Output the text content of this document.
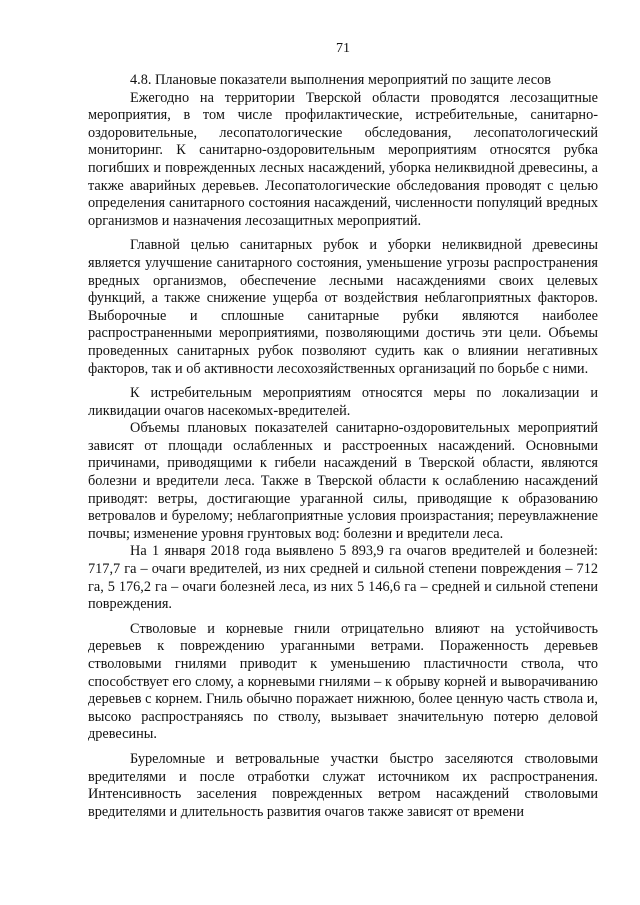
71
4.8. Плановые показатели выполнения мероприятий по защите лесов

Ежегодно на территории Тверской области проводятся лесозащитные мероприятия, в том числе профилактические, истребительные, санитарно-оздоровительные, лесопатологические обследования, лесопатологический мониторинг. К санитарно-оздоровительным мероприятиям относятся рубка погибших и поврежденных лесных насаждений, уборка неликвидной древесины, а также аварийных деревьев. Лесопатологические обследования проводят с целью определения санитарного состояния насаждений, численности популяций вредных организмов и назначения лесозащитных мероприятий.

Главной целью санитарных рубок и уборки неликвидной древесины является улучшение санитарного состояния, уменьшение угрозы распространения вредных организмов, обеспечение лесными насаждениями своих целевых функций, а также снижение ущерба от воздействия неблагоприятных факторов. Выборочные и сплошные санитарные рубки являются наиболее распространенными мероприятиями, позволяющими достичь эти цели. Объемы проведенных санитарных рубок позволяют судить как о влиянии негативных факторов, так и об активности лесохозяйственных организаций по борьбе с ними.

К истребительным мероприятиям относятся меры по локализации и ликвидации очагов насекомых-вредителей.

Объемы плановых показателей санитарно-оздоровительных мероприятий зависят от площади ослабленных и расстроенных насаждений. Основными причинами, приводящими к гибели насаждений в Тверской области, являются болезни и вредители леса. Также в Тверской области к ослаблению насаждений приводят: ветры, достигающие ураганной силы, приводящие к образованию ветровалов и бурелому; неблагоприятные условия произрастания; переувлажнение почвы; изменение уровня грунтовых вод: болезни и вредители леса.

На 1 января 2018 года выявлено 5 893,9 га очагов вредителей и болезней: 717,7 га – очаги вредителей, из них средней и сильной степени повреждения – 712 га, 5 176,2 га – очаги болезней леса, из них 5 146,6 га – средней и сильной степени повреждения.

Стволовые и корневые гнили отрицательно влияют на устойчивость деревьев к повреждению ураганными ветрами. Пораженность деревьев стволовыми гнилями приводит к уменьшению пластичности ствола, что способствует его слому, а корневыми гнилями – к обрыву корней и выворачиванию деревьев с корнем. Гниль обычно поражает нижнюю, более ценную часть ствола и, высоко распространяясь по стволу, вызывает значительную потерю деловой древесины.

Буреломные и ветровальные участки быстро заселяются стволовыми вредителями и после отработки служат источником их распространения. Интенсивность заселения поврежденных ветром насаждений стволовыми вредителями и длительность развития очагов также зависят от времени
